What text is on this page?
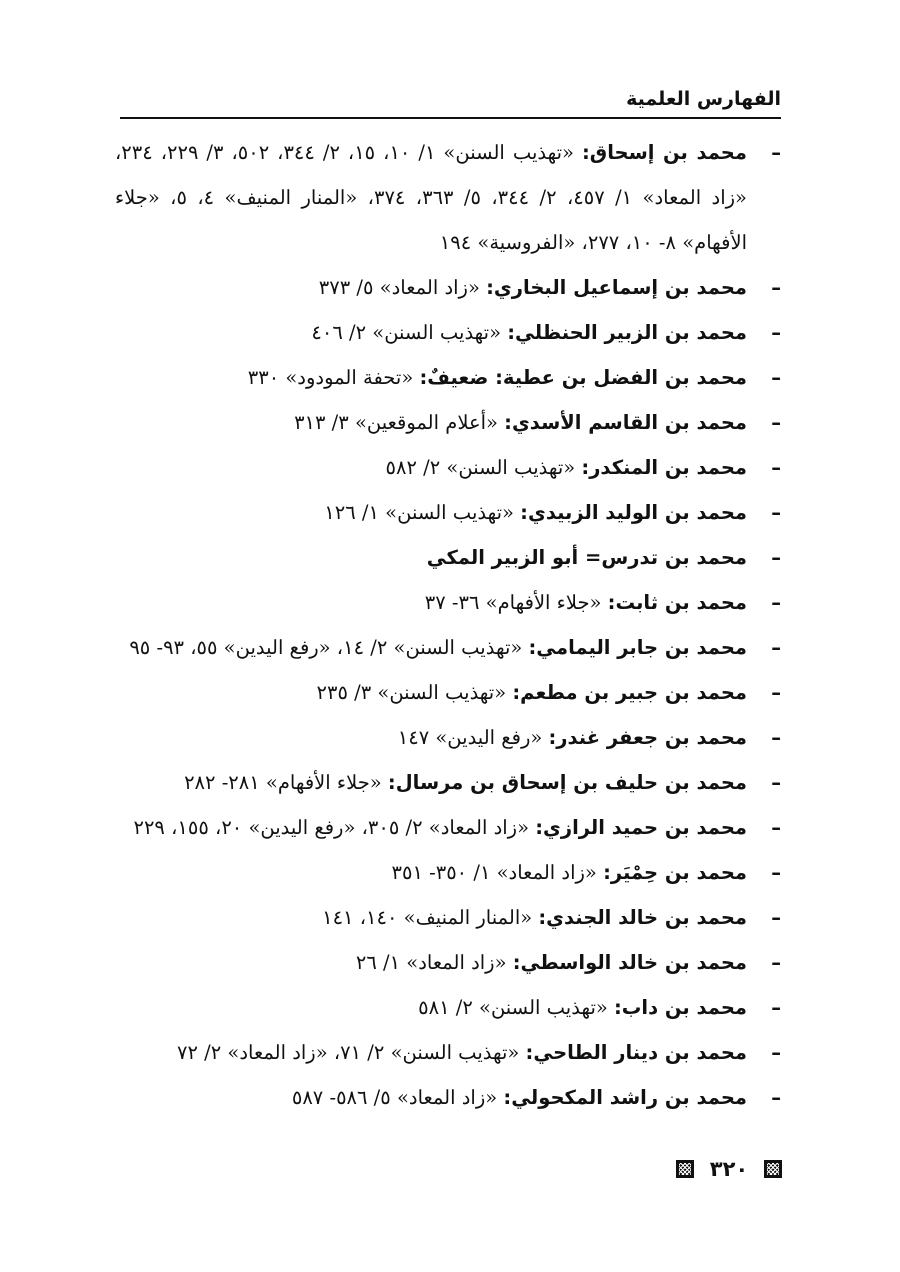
الفهارس العلمية
–
محمد بن إسحاق: «تهذيب السنن» ١/ ١٠، ١٥، ٢/ ٣٤٤، ٥٠٢، ٣/ ٢٢٩، ٢٣٤، «زاد المعاد» ١/ ٤٥٧، ٢/ ٣٤٤، ٥/ ٣٦٣، ٣٧٤، «المنار المنيف» ٤، ٥، «جلاء الأفهام» ٨- ١٠، ٢٧٧، «الفروسية» ١٩٤
–
محمد بن إسماعيل البخاري: «زاد المعاد» ٥/ ٣٧٣
–
محمد بن الزبير الحنظلي: «تهذيب السنن» ٢/ ٤٠٦
–
محمد بن الفضل بن عطية: ضعيفٌ: «تحفة المودود» ٣٣٠
–
محمد بن القاسم الأسدي: «أعلام الموقعين» ٣/ ٣١٣
–
محمد بن المنكدر: «تهذيب السنن» ٢/ ٥٨٢
–
محمد بن الوليد الزبيدي: «تهذيب السنن» ١/ ١٢٦
–
محمد بن تدرس= أبو الزبير المكي
–
محمد بن ثابت: «جلاء الأفهام» ٣٦- ٣٧
–
محمد بن جابر اليمامي: «تهذيب السنن» ٢/ ١٤، «رفع اليدين» ٥٥، ٩٣- ٩٥
–
محمد بن جبير بن مطعم: «تهذيب السنن» ٣/ ٢٣٥
–
محمد بن جعفر غندر: «رفع اليدين» ١٤٧
–
محمد بن حليف بن إسحاق بن مرسال: «جلاء الأفهام» ٢٨١- ٢٨٢
–
محمد بن حميد الرازي: «زاد المعاد» ٢/ ٣٠٥، «رفع اليدين» ٢٠، ١٥٥، ٢٢٩
–
محمد بن حِمْيَر: «زاد المعاد» ١/ ٣٥٠- ٣٥١
–
محمد بن خالد الجندي: «المنار المنيف» ١٤٠، ١٤١
–
محمد بن خالد الواسطي: «زاد المعاد» ١/ ٢٦
–
محمد بن داب: «تهذيب السنن» ٢/ ٥٨١
–
محمد بن دينار الطاحي: «تهذيب السنن» ٢/ ٧١، «زاد المعاد» ٢/ ٧٢
–
محمد بن راشد المكحولي: «زاد المعاد» ٥/ ٥٨٦- ٥٨٧
٣٢٠
